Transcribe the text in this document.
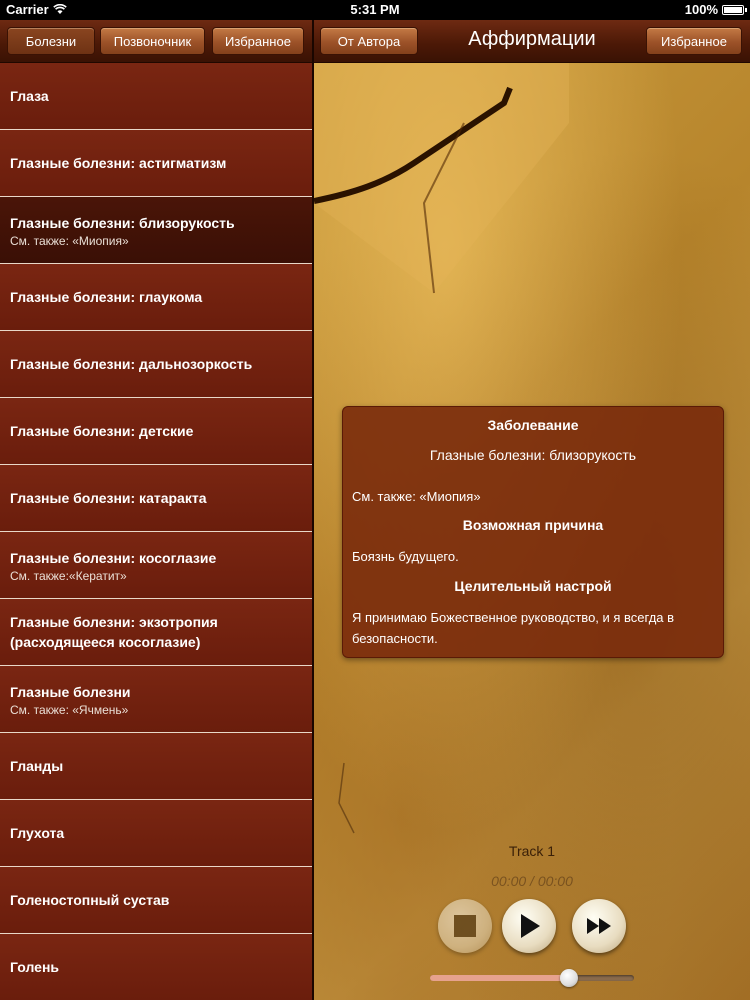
Carrier	5:31 PM	100%
Болезни	Позвоночник	Избранное	От Автора	Аффирмации	Избранное
Глаза
Глазные болезни: астигматизм
Глазные болезни: близорукость
См. также: «Миопия»
Глазные болезни: глаукома
Глазные болезни: дальнозоркость
Глазные болезни: детские
Глазные болезни: катаракта
Глазные болезни: косоглазие
См. также:«Кератит»
Глазные болезни: экзотропия (расходящееся косоглазие)
Глазные болезни
См. также: «Ячмень»
Гланды
Глухота
Голеностопный сустав
Голень
Заболевание
Глазные болезни: близорукость
См. также: «Миопия»
Возможная причина
Боязнь будущего.
Целительный настрой
Я принимаю Божественное руководство, и я всегда в безопасности.
Track 1
00:00 / 00:00
